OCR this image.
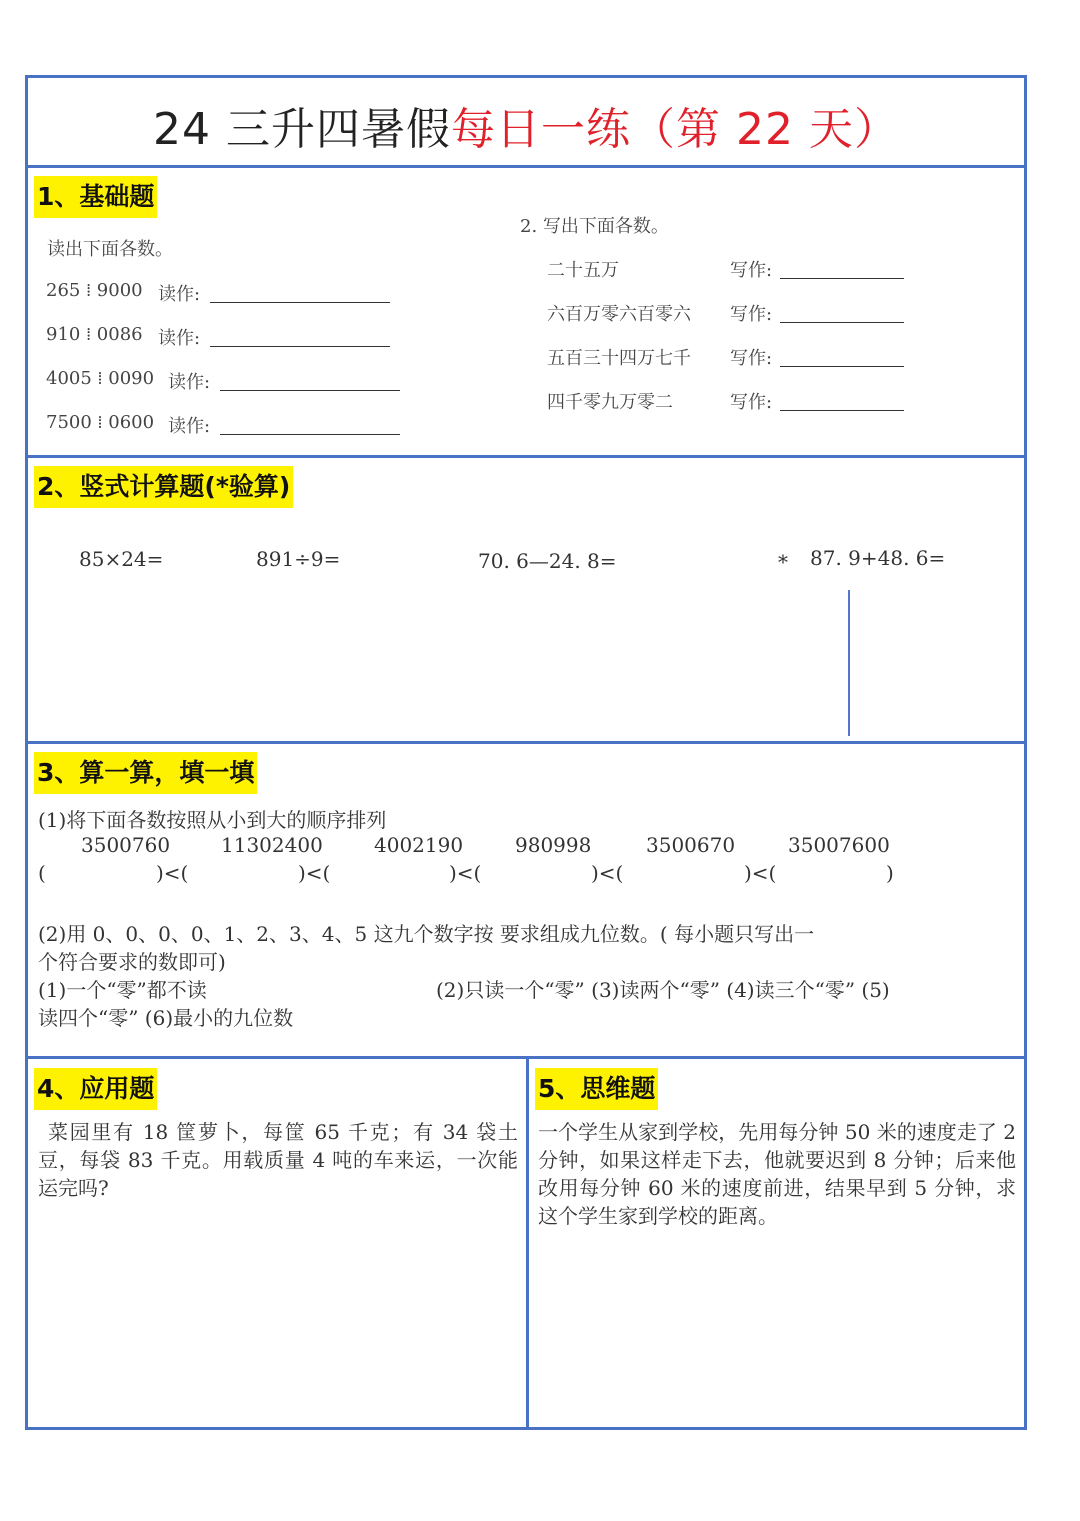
24 三升四暑假每日一练（第 22 天）
1、基础题
读出下面各数。
265 ⁞ 9000 读作:
910 ⁞ 0086 读作:
4005 ⁞ 0090 读作:
7500 ⁞ 0600 读作:
2. 写出下面各数。
二十五万	写作:
六百万零六百零六 写作:
五百三十四万七千 写作:
四千零九万零二	写作:
2、竖式计算题(*验算)
85×24=	891÷9=	70. 6—24. 8=	* 87. 9+48. 6=
3、算一算，填一填
(1)将下面各数按照从小到大的顺序排列
3500760	11302400	4002190	980998	3500670	35007600
(	)<(	)<(	)<(	)<(	)<(	)
(2)用 0、0、0、0、1、2、3、4、5 这九个数字按 要求组成九位数。( 每小题只写出一
个符合要求的数即可)
(1)一个“零”都不读	(2)只读一个“零” (3)读两个“零” (4)读三个“零” (5)
读四个“零” (6)最小的九位数
4、应用题
菜园里有 18 筐萝卜，每筐 65 千克；有 34 袋土豆，每袋 83 千克。用载质量 4 吨的车来运，一次能运完吗?
5、思维题
一个学生从家到学校，先用每分钟 50 米的速度走了 2 分钟，如果这样走下去，他就要迟到 8 分钟；后来他改用每分钟 60 米的速度前进，结果早到 5 分钟，求这个学生家到学校的距离。
